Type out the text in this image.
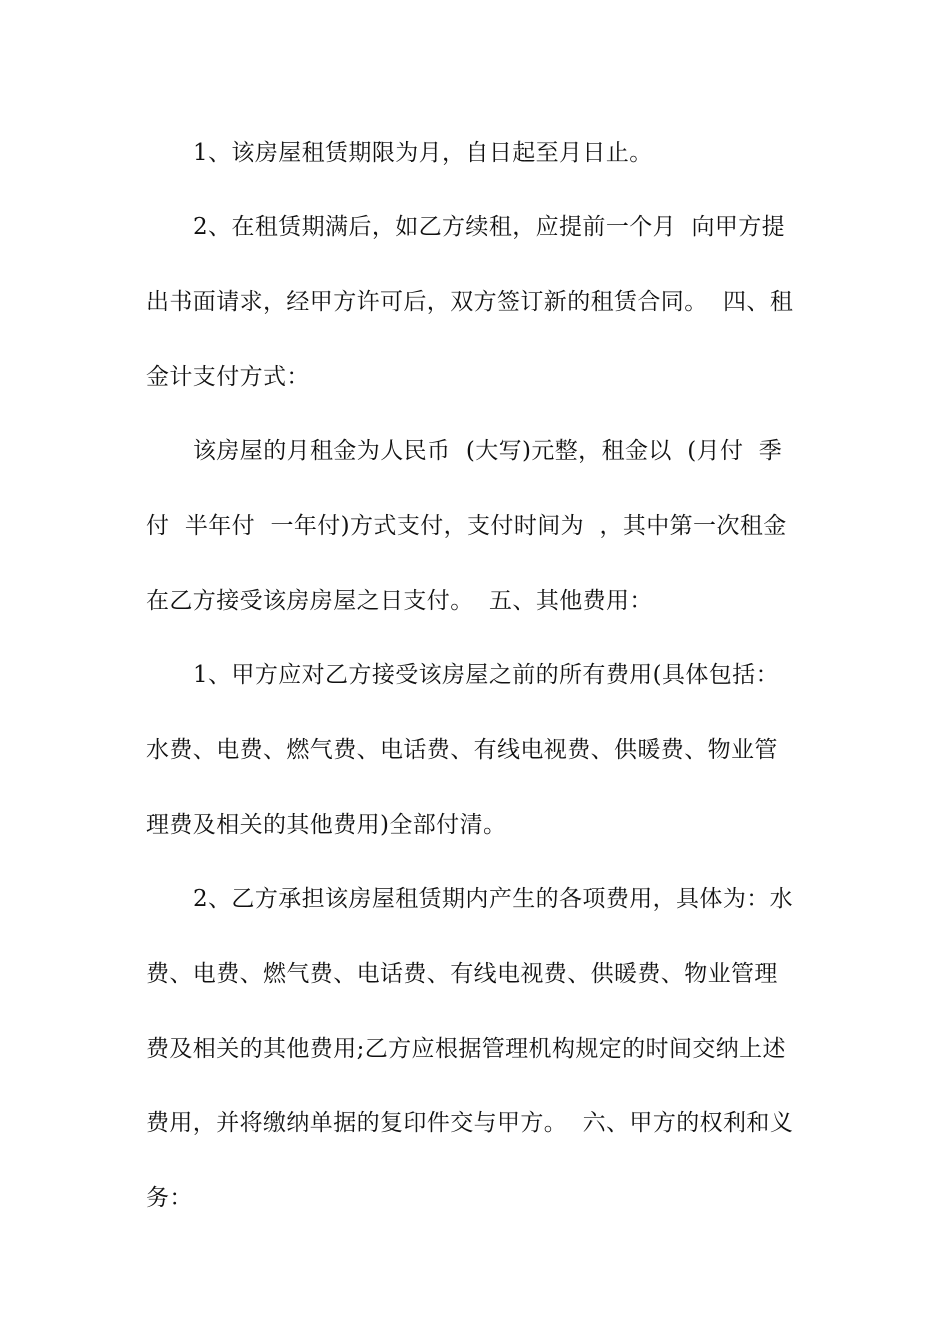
1、该房屋租赁期限为月，自日起至月日止。
2、在租赁期满后，如乙方续租，应提前一个月  向甲方提
出书面请求，经甲方许可后，双方签订新的租赁合同。  四、租
金计支付方式：
该房屋的月租金为人民币  (大写)元整，租金以  (月付  季
付  半年付  一年付)方式支付，支付时间为  ，其中第一次租金
在乙方接受该房房屋之日支付。  五、其他费用：
1、甲方应对乙方接受该房屋之前的所有费用(具体包括：
水费、电费、燃气费、电话费、有线电视费、供暖费、物业管
理费及相关的其他费用)全部付清。
2、乙方承担该房屋租赁期内产生的各项费用，具体为：水
费、电费、燃气费、电话费、有线电视费、供暖费、物业管理
费及相关的其他费用;乙方应根据管理机构规定的时间交纳上述
费用，并将缴纳单据的复印件交与甲方。  六、甲方的权利和义
务：
